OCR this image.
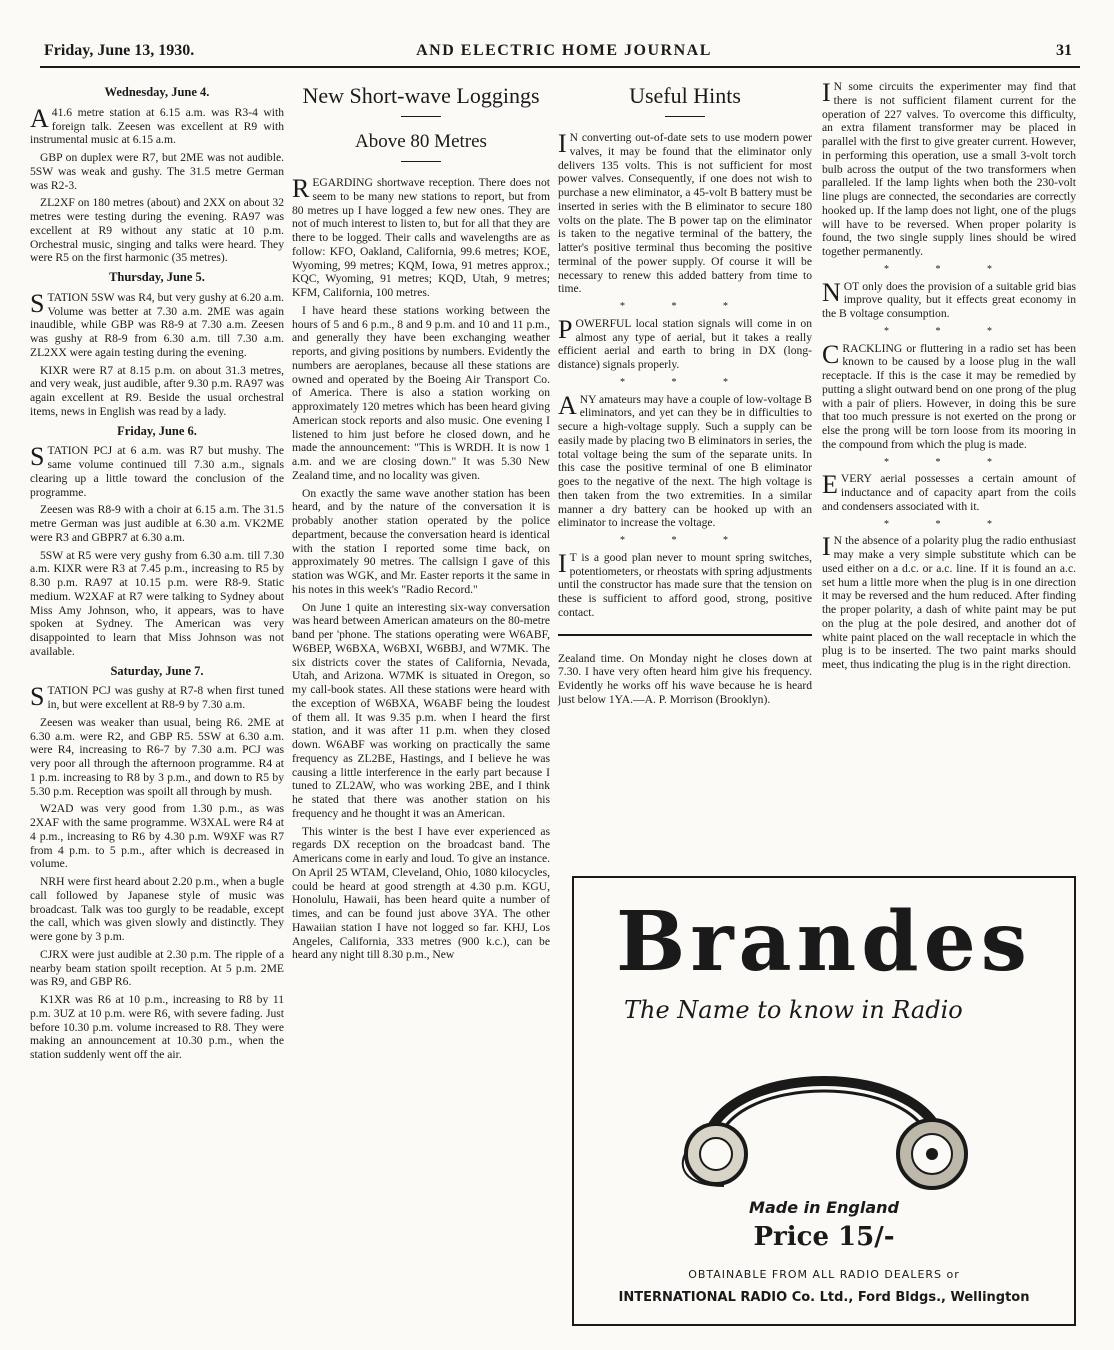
Friday, June 13, 1930.	AND ELECTRIC HOME JOURNAL	31
Wednesday, June 4.

A 41.6 metre station at 6.15 a.m. was R3-4 with foreign talk. Zeesen was excellent at R9 with instrumental music at 6.15 a.m.

GBP on duplex were R7, but 2ME was not audible. 5SW was weak and gushy. The 31.5 metre German was R2-3.

ZL2XF on 180 metres (about) and 2XX on about 32 metres were testing during the evening. RA97 was excellent at R9 without any static at 10 p.m. Orchestral music, singing and talks were heard. They were R5 on the first harmonic (35 metres).

Thursday, June 5.

STATION 5SW was R4, but very gushy at 6.20 a.m. Volume was better at 7.30 a.m. 2ME was again inaudible, while GBP was R8-9 at 7.30 a.m. Zeesen was gushy at R8-9 from 6.30 a.m. till 7.30 a.m. ZL2XX were again testing during the evening.

KIXR were R7 at 8.15 p.m. on about 31.3 metres, and very weak, just audible, after 9.30 p.m. RA97 was again excellent at R9. Beside the usual orchestral items, news in English was read by a lady.

Friday, June 6.

STATION PCJ at 6 a.m. was R7 but mushy. The same volume continued till 7.30 a.m., signals clearing up a little toward the conclusion of the programme.

Zeesen was R8-9 with a choir at 6.15 a.m. The 31.5 metre German was just audible at 6.30 a.m. VK2ME were R3 and GBPR7 at 6.30 a.m.

5SW at R5 were very gushy from 6.30 a.m. till 7.30 a.m. KIXR were R3 at 7.45 p.m., increasing to R5 by 8.30 p.m. RA97 at 10.15 p.m. were R8-9. Static medium. W2XAF at R7 were talking to Sydney about Miss Amy Johnson, who, it appears, was to have spoken at Sydney. The American was very disappointed to learn that Miss Johnson was not available.

Saturday, June 7.

STATION PCJ was gushy at R7-8 when first tuned in, but were excellent at R8-9 by 7.30 a.m.

Zeesen was weaker than usual, being R6. 2ME at 6.30 a.m. were R2, and GBP R5. 5SW at 6.30 a.m. were R4, increasing to R6-7 by 7.30 a.m. PCJ was very poor all through the afternoon programme. R4 at 1 p.m. increasing to R8 by 3 p.m., and down to R5 by 5.30 p.m. Reception was spoilt all through by mush.

W2AD was very good from 1.30 p.m., as was 2XAF with the same programme. W3XAL were R4 at 4 p.m., increasing to R6 by 4.30 p.m. W9XF was R7 from 4 p.m. to 5 p.m., after which is decreased in volume.

NRH were first heard about 2.20 p.m., when a bugle call followed by Japanese style of music was broadcast. Talk was too gurgly to be readable, except the call, which was given slowly and distinctly. They were gone by 3 p.m.

CJRX were just audible at 2.30 p.m. The ripple of a nearby beam station spoilt reception. At 5 p.m. 2ME was R9, and GBP R6.

K1XR was R6 at 10 p.m., increasing to R8 by 11 p.m. 3UZ at 10 p.m. were R6, with severe fading. Just before 10.30 p.m. volume increased to R8. They were making an announcement at 10.30 p.m., when the station suddenly went off the air.

New Short-wave Loggings
Above 80 Metres

REGARDING shortwave reception. There does not seem to be many new stations to report, but from 80 metres up I have logged a few new ones. They are not of much interest to listen to, but for all that they are there to be logged. Their calls and wavelengths are as follow: KFO, Oakland, California, 99.6 metres; KOE, Wyoming, 99 metres; KQM, Iowa, 91 metres approx.; KQC, Wyoming, 91 metres; KQD, Utah, 9 metres; KFM, California, 100 metres.

I have heard these stations working between the hours of 5 and 6 p.m., 8 and 9 p.m. and 10 and 11 p.m., and generally they have been exchanging weather reports, and giving positions by numbers. Evidently the numbers are aeroplanes, because all these stations are owned and operated by the Boeing Air Transport Co. of America. There is also a station working on approximately 120 metres which has been heard giving American stock reports and also music. One evening I listened to him just before he closed down, and he made the announcement: "This is WRDH. It is now 1 a.m. and we are closing down." It was 5.30 New Zealand time, and no locality was given.

On exactly the same wave another station has been heard, and by the nature of the conversation it is probably another station operated by the police department, because the conversation heard is identical with the station I reported some time back, on approximately 90 metres. The callsign I gave of this station was WGK, and Mr. Easter reports it the same in his notes in this week's "Radio Record."

On June 1 quite an interesting six-way conversation was heard between American amateurs on the 80-metre band per 'phone. The stations operating were W6ABF, W6BEP, W6BXA, W6BXI, W6BBJ, and W7MK. The six districts cover the states of California, Nevada, Utah, and Arizona. W7MK is situated in Oregon, so my call-book states. All these stations were heard with the exception of W6BXA, W6ABF being the loudest of them all. It was 9.35 p.m. when I heard the first station, and it was after 11 p.m. when they closed down. W6ABF was working on practically the same frequency as ZL2BE, Hastings, and I believe he was causing a little interference in the early part because I tuned to ZL2AW, who was working 2BE, and I think he stated that there was another station on his frequency and he thought it was an American.

This winter is the best I have ever experienced as regards DX reception on the broadcast band. The Americans come in early and loud. To give an instance. On April 25 WTAM, Cleveland, Ohio, 1080 kilocycles, could be heard at good strength at 4.30 p.m. KGU, Honolulu, Hawaii, has been heard quite a number of times, and can be found just above 3YA. The other Hawaiian station I have not logged so far. KHJ, Los Angeles, California, 333 metres (900 k.c.), can be heard any night till 8.30 p.m., New

Useful Hints

I N converting out-of-date sets to use modern power valves, it may be found that the eliminator only delivers 135 volts. This is not sufficient for most power valves. Consequently, if one does not wish to purchase a new eliminator, a 45-volt B battery must be inserted in series with the B eliminator to secure 180 volts on the plate. The B power tap on the eliminator is taken to the negative terminal of the battery, the latter's positive terminal thus becoming the positive terminal of the power supply. Of course it will be necessary to renew this added battery from time to time.

* * *

POWERFUL local station signals will come in on almost any type of aerial, but it takes a really efficient aerial and earth to bring in DX (long-distance) signals properly.

* * *

ANY amateurs may have a couple of low-voltage B eliminators, and yet can they be in difficulties to secure a high-voltage supply. Such a supply can be easily made by placing two B eliminators in series, the total voltage being the sum of the separate units. In this case the positive terminal of one B eliminator goes to the negative of the next. The high voltage is then taken from the two extremities. In a similar manner a dry battery can be hooked up with an eliminator to increase the voltage.

* * *

I T is a good plan never to mount spring switches, potentiometers, or rheostats with spring adjustments until the constructor has made sure that the tension on these is sufficient to afford good, strong, positive contact.

Zealand time. On Monday night he closes down at 7.30. I have very often heard him give his frequency. Evidently he works off his wave because he is heard just below 1YA.—A. P. Morrison (Brooklyn).

I N some circuits the experimenter may find that there is not sufficient filament current for the operation of 227 valves. To overcome this difficulty, an extra filament transformer may be placed in parallel with the first to give greater current. However, in performing this operation, use a small 3-volt torch bulb across the output of the two transformers when paralleled. If the lamp lights when both the 230-volt line plugs are connected, the secondaries are correctly hooked up. If the lamp does not light, one of the plugs will have to be reversed. When proper polarity is found, the two single supply lines should be wired together permanently.

* * *

NOT only does the provision of a suitable grid bias improve quality, but it effects great economy in the B voltage consumption.

* * *

CRACKLING or fluttering in a radio set has been known to be caused by a loose plug in the wall receptacle. If this is the case it may be remedied by putting a slight outward bend on one prong of the plug with a pair of pliers. However, in doing this be sure that too much pressure is not exerted on the prong or else the prong will be torn loose from its mooring in the compound from which the plug is made.

* * *

EVERY aerial possesses a certain amount of inductance and of capacity apart from the coils and condensers associated with it.

* * *

I N the absence of a polarity plug the radio enthusiast may make a very simple substitute which can be used either on a d.c. or a.c. line. If it is found an a.c. set hum a little more when the plug is in one direction it may be reversed and the hum reduced. After finding the proper polarity, a dash of white paint may be put on the plug at the pole desired, and another dot of white paint placed on the wall receptacle in which the plug is to be inserted. The two paint marks should meet, thus indicating the plug is in the right direction.

Brandes
The Name to know in Radio
Made in England
Price 15/-
OBTAINABLE FROM ALL RADIO DEALERS or
INTERNATIONAL RADIO Co. Ltd., Ford Bldgs., Wellington
